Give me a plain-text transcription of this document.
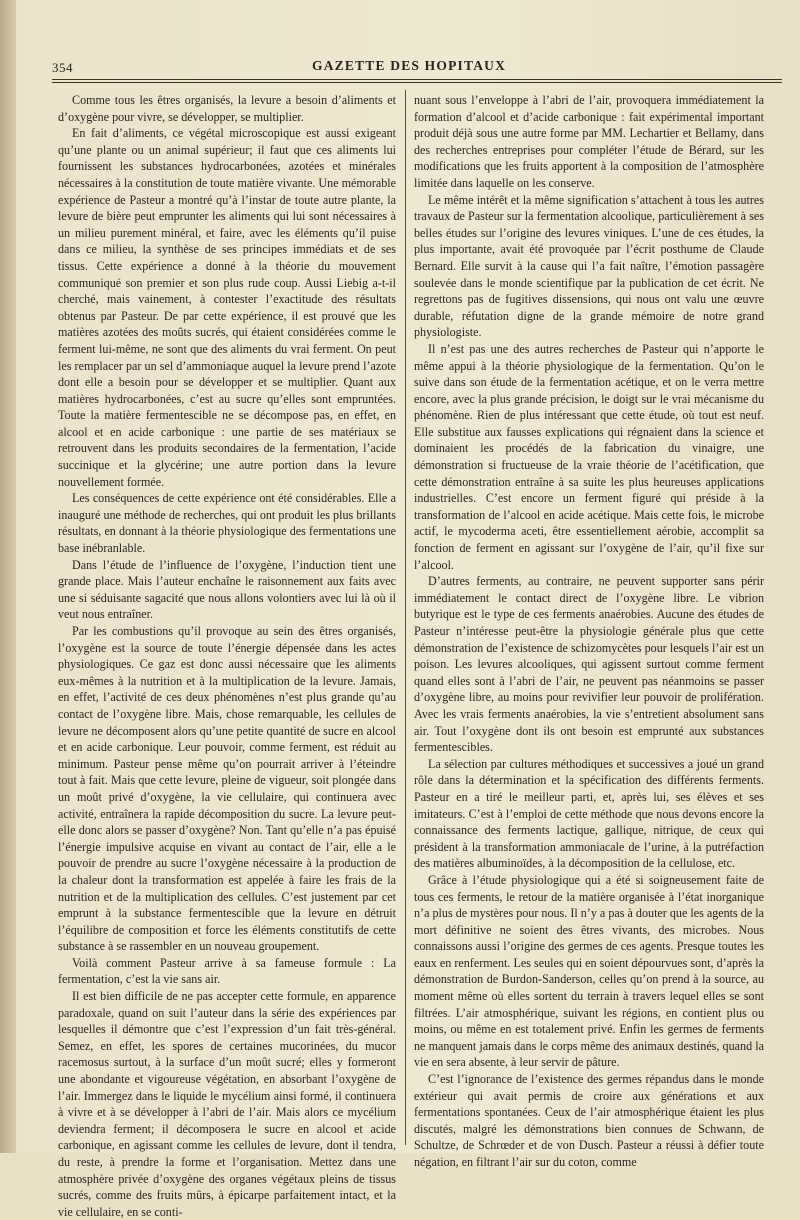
354	GAZETTE DES HOPITAUX

Comme tous les êtres organisés, la levure a besoin d’aliments et d’oxygène pour vivre, se développer, se multiplier.

En fait d’aliments, ce végétal microscopique est aussi exigeant qu’une plante ou un animal supérieur; il faut que ces aliments lui fournissent les substances hydrocarbonées, azotées et minérales nécessaires à la constitution de toute matière vivante. Une mémorable expérience de Pasteur a montré qu’à l’instar de toute autre plante, la levure de bière peut emprunter les aliments qui lui sont nécessaires à un milieu purement minéral, et faire, avec les éléments qu’il puise dans ce milieu, la synthèse de ses principes immédiats et de ses tissus. Cette expérience a donné à la théorie du mouvement communiqué son premier et son plus rude coup. Aussi Liebig a-t-il cherché, mais vainement, à contester l’exactitude des résultats obtenus par Pasteur. De par cette expérience, il est prouvé que les matières azotées des moûts sucrés, qui étaient considérées comme le ferment lui-même, ne sont que des aliments du vrai ferment. On peut les remplacer par un sel d’ammoniaque auquel la levure prend l’azote dont elle a besoin pour se développer et se multiplier. Quant aux matières hydrocarbonées, c’est au sucre qu’elles sont empruntées. Toute la matière fermentescible ne se décompose pas, en effet, en alcool et en acide carbonique : une partie de ses matériaux se retrouvent dans les produits secondaires de la fermentation, l’acide succinique et la glycérine; une autre portion dans la levure nouvellement formée.

Les conséquences de cette expérience ont été considérables. Elle a inauguré une méthode de recherches, qui ont produit les plus brillants résultats, en donnant à la théorie physiologique des fermentations une base inébranlable.

Dans l’étude de l’influence de l’oxygène, l’induction tient une grande place. Mais l’auteur enchaîne le raisonnement aux faits avec une si séduisante sagacité que nous allons volontiers avec lui là où il veut nous entraîner.

Par les combustions qu’il provoque au sein des êtres organisés, l’oxygène est la source de toute l’énergie dépensée dans les actes physiologiques. Ce gaz est donc aussi nécessaire que les aliments eux-mêmes à la nutrition et à la multiplication de la levure. Jamais, en effet, l’activité de ces deux phénomènes n’est plus grande qu’au contact de l’oxygène libre. Mais, chose remarquable, les cellules de levure ne décomposent alors qu’une petite quantité de sucre en alcool et en acide carbonique. Leur pouvoir, comme ferment, est réduit au minimum. Pasteur pense même qu’on pourrait arriver à l’éteindre tout à fait. Mais que cette levure, pleine de vigueur, soit plongée dans un moût privé d’oxygène, la vie cellulaire, qui continuera avec activité, entraînera la rapide décomposition du sucre. La levure peut-elle donc alors se passer d’oxygène? Non. Tant qu’elle n’a pas épuisé l’énergie impulsive acquise en vivant au contact de l’air, elle a le pouvoir de prendre au sucre l’oxygène nécessaire à la production de la chaleur dont la transformation est appelée à faire les frais de la nutrition et de la multiplication des cellules. C’est justement par cet emprunt à la substance fermentescible que la levure en détruit l’équilibre de composition et force les éléments constitutifs de cette substance à se rassembler en un nouveau groupement.

Voilà comment Pasteur arrive à sa fameuse formule : La fermentation, c’est la vie sans air.

Il est bien difficile de ne pas accepter cette formule, en apparence paradoxale, quand on suit l’auteur dans la série des expériences par lesquelles il démontre que c’est l’expression d’un fait très-général. Semez, en effet, les spores de certaines mucorinées, du mucor racemosus surtout, à la surface d’un moût sucré; elles y formeront une abondante et vigoureuse végétation, en absorbant l’oxygène de l’air. Immergez dans le liquide le mycélium ainsi formé, il continuera à vivre et à se développer à l’abri de l’air. Mais alors ce mycélium deviendra ferment; il décomposera le sucre en alcool et acide carbonique, en agissant comme les cellules de levure, dont il tendra, du reste, à prendre la forme et l’organisation. Mettez dans une atmosphère privée d’oxygène des organes végétaux pleins de tissus sucrés, comme des fruits mûrs, à épicarpe parfaitement intact, et la vie cellulaire, en se conti-

nuant sous l’enveloppe à l’abri de l’air, provoquera immédiatement la formation d’alcool et d’acide carbonique : fait expérimental important produit déjà sous une autre forme par MM. Lechartier et Bellamy, dans des recherches entreprises pour compléter l’étude de Bérard, sur les modifications que les fruits apportent à la composition de l’atmosphère limitée dans laquelle on les conserve.

Le même intérêt et la même signification s’attachent à tous les autres travaux de Pasteur sur la fermentation alcoolique, particulièrement à ses belles études sur l’origine des levures viniques. L’une de ces études, la plus importante, avait été provoquée par l’écrit posthume de Claude Bernard. Elle survit à la cause qui l’a fait naître, l’émotion passagère soulevée dans le monde scientifique par la publication de cet écrit. Ne regrettons pas de fugitives dissensions, qui nous ont valu une œuvre durable, réfutation digne de la grande mémoire de notre grand physiologiste.

Il n’est pas une des autres recherches de Pasteur qui n’apporte le même appui à la théorie physiologique de la fermentation. Qu’on le suive dans son étude de la fermentation acétique, et on le verra mettre encore, avec la plus grande précision, le doigt sur le vrai mécanisme du phénomène. Rien de plus intéressant que cette étude, où tout est neuf. Elle substitue aux fausses explications qui régnaient dans la science et dominaient les procédés de la fabrication du vinaigre, une démonstration si fructueuse de la vraie théorie de l’acétification, que cette démonstration entraîne à sa suite les plus heureuses applications industrielles. C’est encore un ferment figuré qui préside à la transformation de l’alcool en acide acétique. Mais cette fois, le microbe actif, le mycoderma aceti, être essentiellement aérobie, accomplit sa fonction de ferment en agissant sur l’oxygène de l’air, qu’il fixe sur l’alcool.

D’autres ferments, au contraire, ne peuvent supporter sans périr immédiatement le contact direct de l’oxygène libre. Le vibrion butyrique est le type de ces ferments anaérobies. Aucune des études de Pasteur n’intéresse peut-être la physiologie générale plus que cette démonstration de l’existence de schizomycètes pour lesquels l’air est un poison. Les levures alcooliques, qui agissent surtout comme ferment quand elles sont à l’abri de l’air, ne peuvent pas néanmoins se passer d’oxygène libre, au moins pour revivifier leur pouvoir de prolifération. Avec les vrais ferments anaérobies, la vie s’entretient absolument sans air. Tout l’oxygène dont ils ont besoin est emprunté aux substances fermentescibles.

La sélection par cultures méthodiques et successives a joué un grand rôle dans la détermination et la spécification des différents ferments. Pasteur en a tiré le meilleur parti, et, après lui, ses élèves et ses imitateurs. C’est à l’emploi de cette méthode que nous devons encore la connaissance des ferments lactique, gallique, nitrique, de ceux qui président à la transformation ammoniacale de l’urine, à la putréfaction des matières albuminoïdes, à la décomposition de la cellulose, etc.

Grâce à l’étude physiologique qui a été si soigneusement faite de tous ces ferments, le retour de la matière organisée à l’état inorganique n’a plus de mystères pour nous. Il n’y a pas à douter que les agents de la mort définitive ne soient des êtres vivants, des microbes. Nous connaissons aussi l’origine des germes de ces agents. Presque toutes les eaux en renferment. Les seules qui en soient dépourvues sont, d’après la démonstration de Burdon-Sanderson, celles qu’on prend à la source, au moment même où elles sortent du terrain à travers lequel elles se sont filtrées. L’air atmosphérique, suivant les régions, en contient plus ou moins, ou même en est totalement privé. Enfin les germes de ferments ne manquent jamais dans le corps même des animaux destinés, quand la vie en sera absente, à leur servir de pâture.

C’est l’ignorance de l’existence des germes répandus dans le monde extérieur qui avait permis de croire aux générations et aux fermentations spontanées. Ceux de l’air atmosphérique étaient les plus discutés, malgré les démonstrations bien connues de Schwann, de Schultze, de Schrœder et de von Dusch. Pasteur a réussi à défier toute négation, en filtrant l’air sur du coton, comme
